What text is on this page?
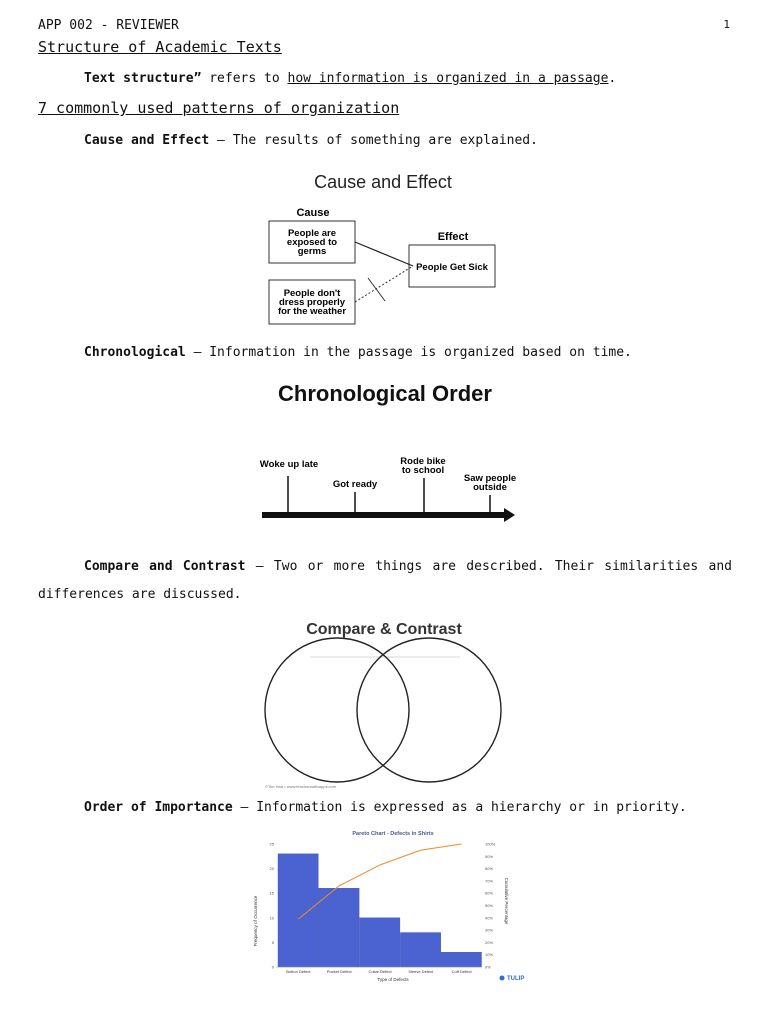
APP 002 - REVIEWER	1
Structure of Academic Texts
Text structure” refers to how information is organized in a passage.
7 commonly used patterns of organization
Cause and Effect – The results of something are explained.
Cause and Effect
Cause
Effect
People are
exposed to
germs
People don't
dress properly
for the weather
People Get Sick
Chronological – Information in the passage is organized based on time.
Chronological Order
Woke up late
Got ready
Rode bike
to school
Saw people
outside
Compare and Contrast – Two or more things are described. Their similarities and differences are discussed.
Compare & Contrast
©Tim Hart • www.teacherswithapps.com
Order of Importance – Information is expressed as a hierarchy or in priority.
Pareto Chart - Defects in Shirts
Frequency of Occurrence	Cumulative Percentage
0
5
10
15
20
25
0%
10%
20%
30%
40%
50%
60%
70%
80%
90%
100%
Button Defect	Pocket Defect	Collar Defect	Sleeve Defect	Cuff Defect
Type of Defects	TULIP
